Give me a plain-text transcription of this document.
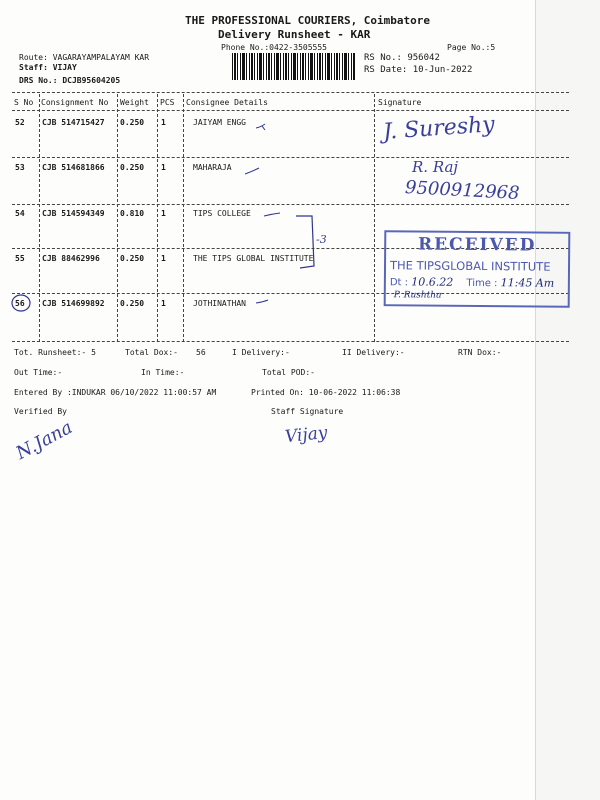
THE PROFESSIONAL COURIERS, Coimbatore
Delivery Runsheet - KAR
Phone No.:0422-3505555	Page No.:5
Route: VAGARAYAMPALAYAM KAR
Staff: VIJAY
DRS No.: DCJB95604205
RS No.: 956042
RS Date: 10-Jun-2022
S No Consignment No Weight PCS Consignee Details	Signature
52 CJB 514715427 0.250 1	JAIYAM ENGG	J. Sureshy
53 CJB 514681866 0.250 1	MAHARAJA	R. Raj
9500912968
54 CJB 514594349 0.810 1	TIPS COLLEGE
55 CJB 88462996	0.250 1	THE TIPS GLOBAL INSTITUTE
56 CJB 514699892 0.250 1	JOTHINATHAN
-3	RECEIVED
THE TIPSGLOBAL INSTITUTE
Dt : 10.6.22 Time : 11:45 Am
P. Rushtha
Tot. Runsheet:- 5	Total Dox:- 56	I Delivery:-	II Delivery:-	RTN Dox:-
Out Time:-	In Time:-	Total POD:-
Entered By :INDUKAR 06/10/2022 11:00:57 AM	Printed On: 10-06-2022 11:06:38
Verified By	Staff Signature
N.Jana	Vijay
